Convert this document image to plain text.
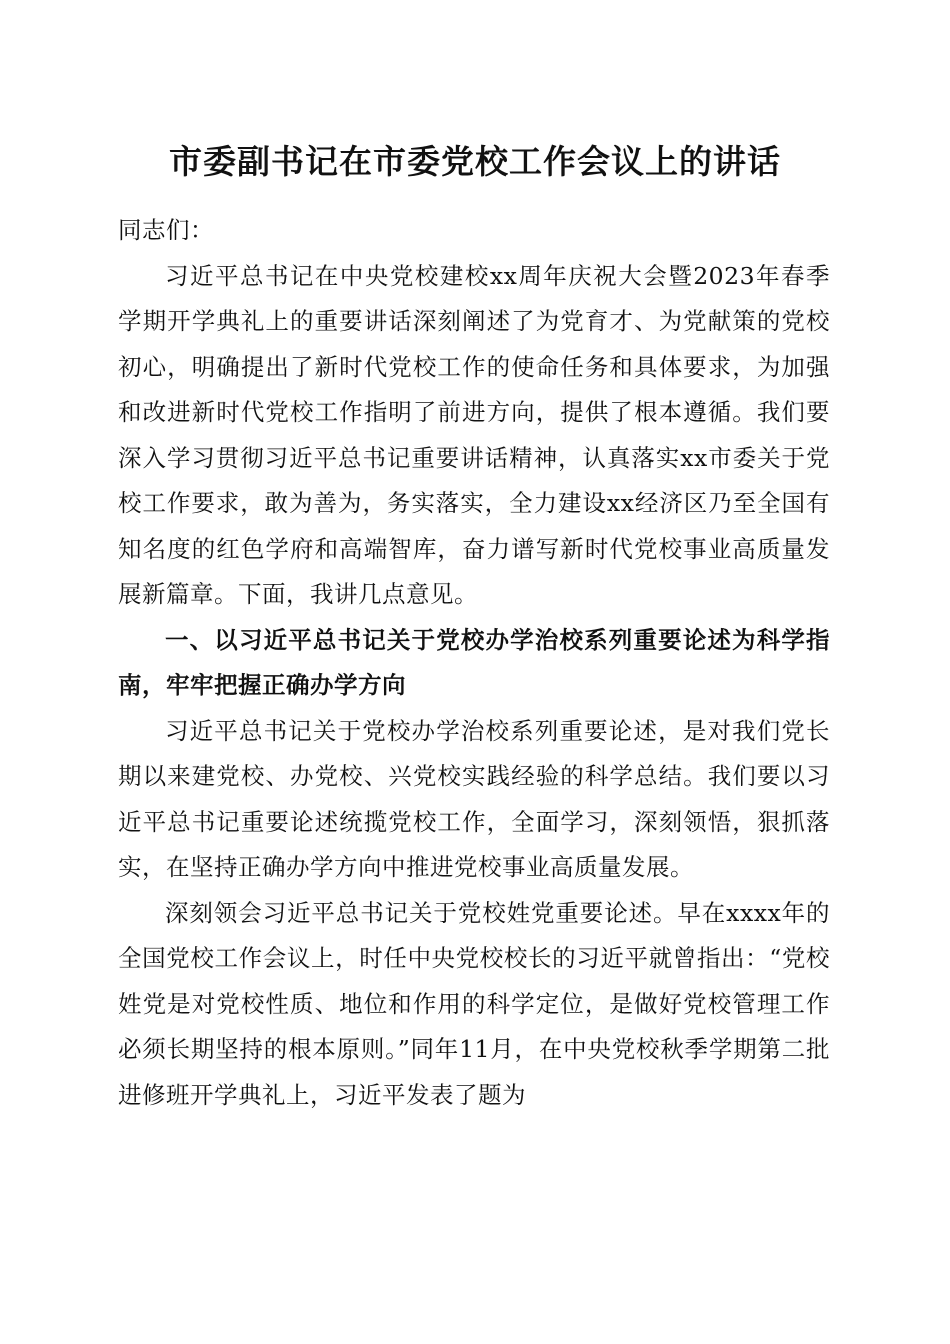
市委副书记在市委党校工作会议上的讲话

同志们：

习近平总书记在中央党校建校xx周年庆祝大会暨2023年春季学期开学典礼上的重要讲话深刻阐述了为党育才、为党献策的党校初心，明确提出了新时代党校工作的使命任务和具体要求，为加强和改进新时代党校工作指明了前进方向，提供了根本遵循。我们要深入学习贯彻习近平总书记重要讲话精神，认真落实xx市委关于党校工作要求，敢为善为，务实落实，全力建设xx经济区乃至全国有知名度的红色学府和高端智库，奋力谱写新时代党校事业高质量发展新篇章。下面，我讲几点意见。

一、以习近平总书记关于党校办学治校系列重要论述为科学指南，牢牢把握正确办学方向

习近平总书记关于党校办学治校系列重要论述，是对我们党长期以来建党校、办党校、兴党校实践经验的科学总结。我们要以习近平总书记重要论述统揽党校工作，全面学习，深刻领悟，狠抓落实，在坚持正确办学方向中推进党校事业高质量发展。

深刻领会习近平总书记关于党校姓党重要论述。早在xxxx年的全国党校工作会议上，时任中央党校校长的习近平就曾指出：“党校姓党是对党校性质、地位和作用的科学定位，是做好党校管理工作必须长期坚持的根本原则。”同年11月，在中央党校秋季学期第二批进修班开学典礼上，习近平发表了题为
